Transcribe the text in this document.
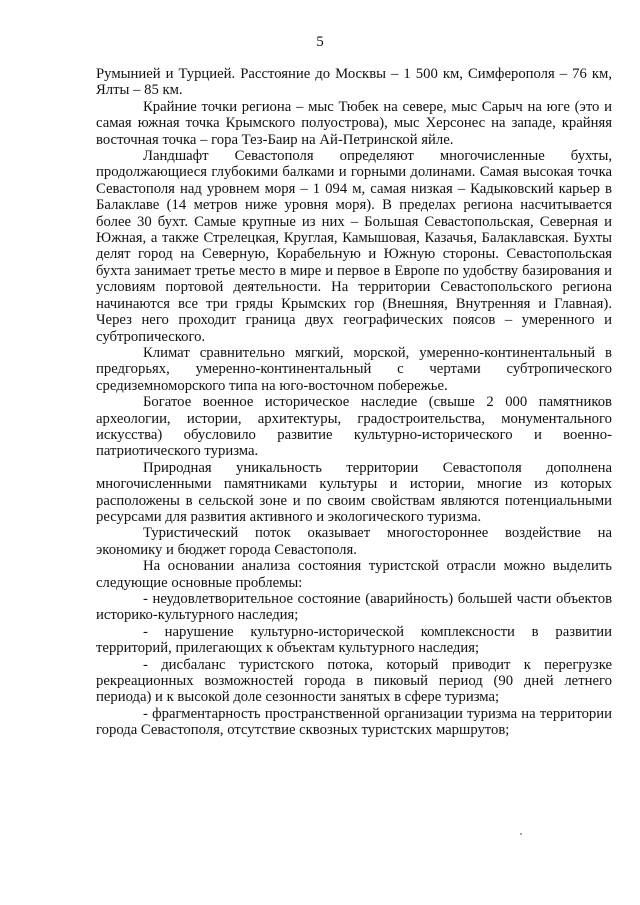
5

Румынией и Турцией. Расстояние до Москвы – 1 500 км, Симферополя – 76 км, Ялты – 85 км.

Крайние точки региона – мыс Тюбек на севере, мыс Сарыч на юге (это и самая южная точка Крымского полуострова), мыс Херсонес на западе, крайняя восточная точка – гора Тез-Баир на Ай-Петринской яйле.

Ландшафт Севастополя определяют многочисленные бухты, продолжающиеся глубокими балками и горными долинами. Самая высокая точка Севастополя над уровнем моря – 1 094 м, самая низкая – Кадыковский карьер в Балаклаве (14 метров ниже уровня моря). В пределах региона насчитывается более 30 бухт. Самые крупные из них – Большая Севастопольская, Северная и Южная, а также Стрелецкая, Круглая, Камышовая, Казачья, Балаклавская. Бухты делят город на Северную, Корабельную и Южную стороны. Севастопольская бухта занимает третье место в мире и первое в Европе по удобству базирования и условиям портовой деятельности. На территории Севастопольского региона начинаются все три гряды Крымских гор (Внешняя, Внутренняя и Главная). Через него проходит граница двух географических поясов – умеренного и субтропического.

Климат сравнительно мягкий, морской, умеренно-континентальный в предгорьях, умеренно-континентальный с чертами субтропического средиземноморского типа на юго-восточном побережье.

Богатое военное историческое наследие (свыше 2 000 памятников археологии, истории, архитектуры, градостроительства, монументального искусства) обусловило развитие культурно-исторического и военно-патриотического туризма.

Природная уникальность территории Севастополя дополнена многочисленными памятниками культуры и истории, многие из которых расположены в сельской зоне и по своим свойствам являются потенциальными ресурсами для развития активного и экологического туризма.

Туристический поток оказывает многостороннее воздействие на экономику и бюджет города Севастополя.

На основании анализа состояния туристской отрасли можно выделить следующие основные проблемы:

- неудовлетворительное состояние (аварийность) большей части объектов историко-культурного наследия;

- нарушение культурно-исторической комплексности в развитии территорий, прилегающих к объектам культурного наследия;

- дисбаланс туристского потока, который приводит к перегрузке рекреационных возможностей города в пиковый период (90 дней летнего периода) и к высокой доле сезонности занятых в сфере туризма;

- фрагментарность пространственной организации туризма на территории города Севастополя, отсутствие сквозных туристских маршрутов;
